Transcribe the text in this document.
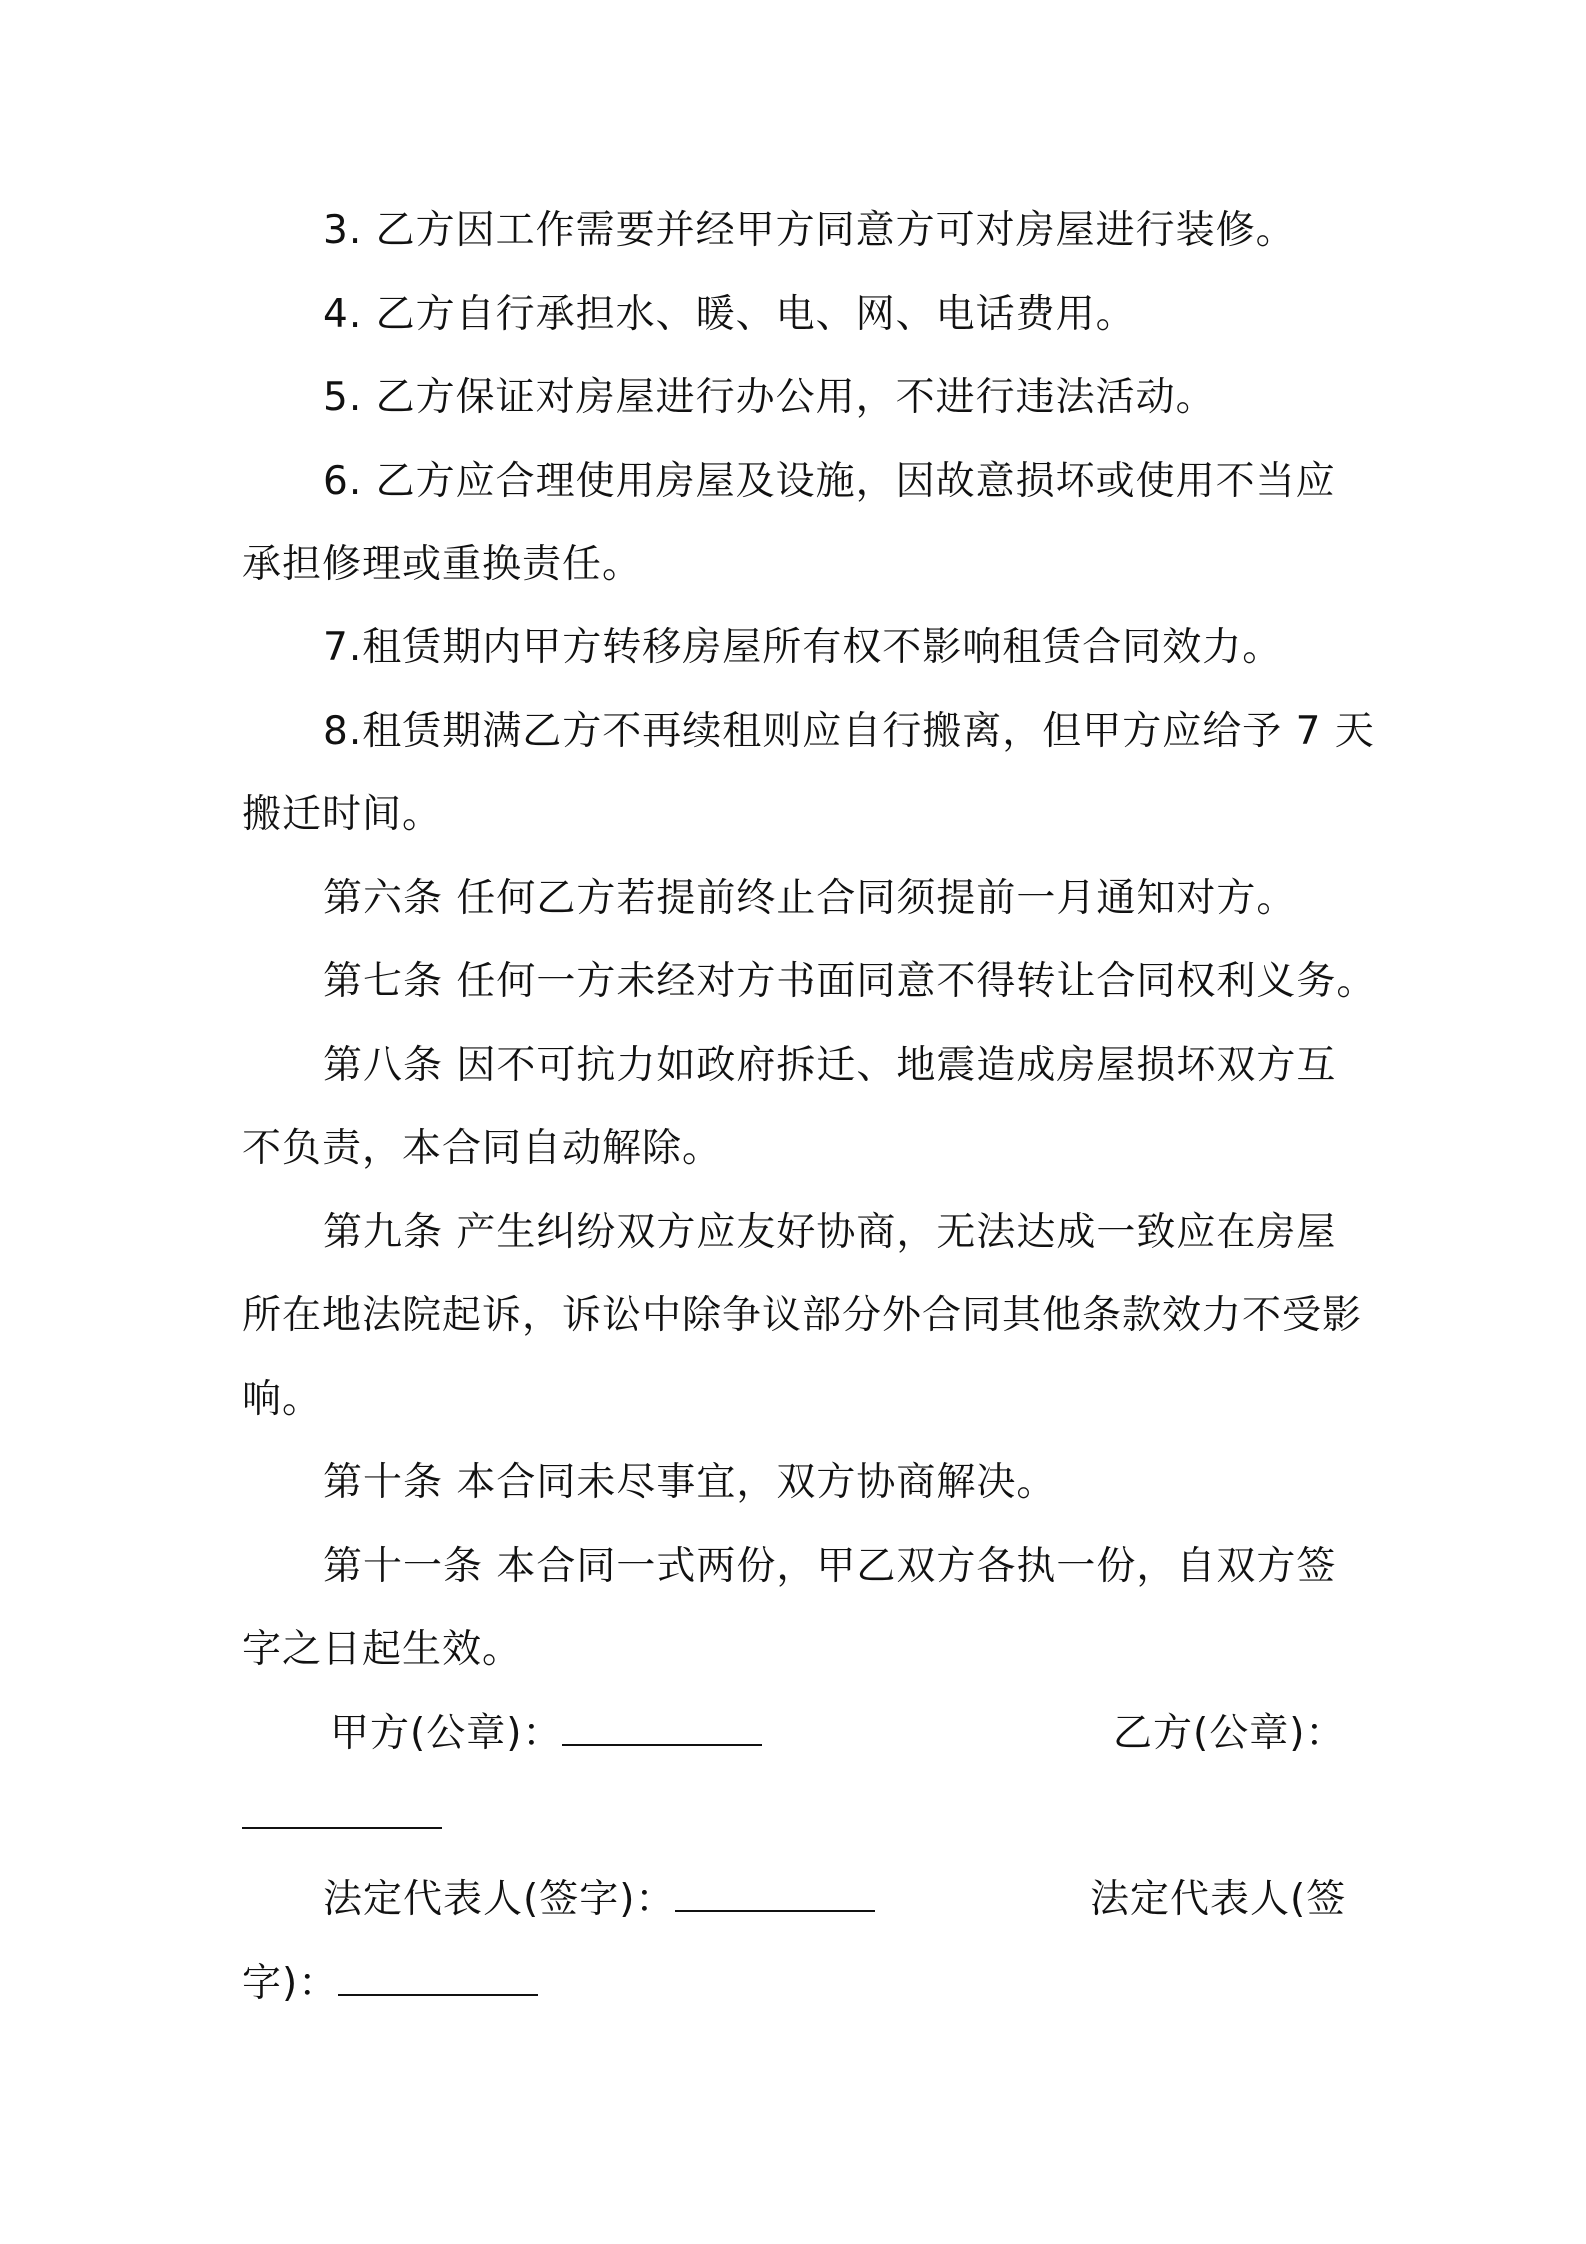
3. 乙方因工作需要并经甲方同意方可对房屋进行装修。
4. 乙方自行承担水、暖、电、网、电话费用。
5. 乙方保证对房屋进行办公用，不进行违法活动。
6. 乙方应合理使用房屋及设施，因故意损坏或使用不当应
承担修理或重换责任。
7.租赁期内甲方转移房屋所有权不影响租赁合同效力。
8.租赁期满乙方不再续租则应自行搬离，但甲方应给予 7 天
搬迁时间。
第六条 任何乙方若提前终止合同须提前一月通知对方。
第七条 任何一方未经对方书面同意不得转让合同权利义务。
第八条 因不可抗力如政府拆迁、地震造成房屋损坏双方互
不负责，本合同自动解除。
第九条 产生纠纷双方应友好协商，无法达成一致应在房屋
所在地法院起诉，诉讼中除争议部分外合同其他条款效力不受影
响。
第十条 本合同未尽事宜，双方协商解决。
第十一条 本合同一式两份，甲乙双方各执一份，自双方签
字之日起生效。
甲方(公章)：	乙方(公章)：
法定代表人(签字)：	法定代表人(签
字)：
